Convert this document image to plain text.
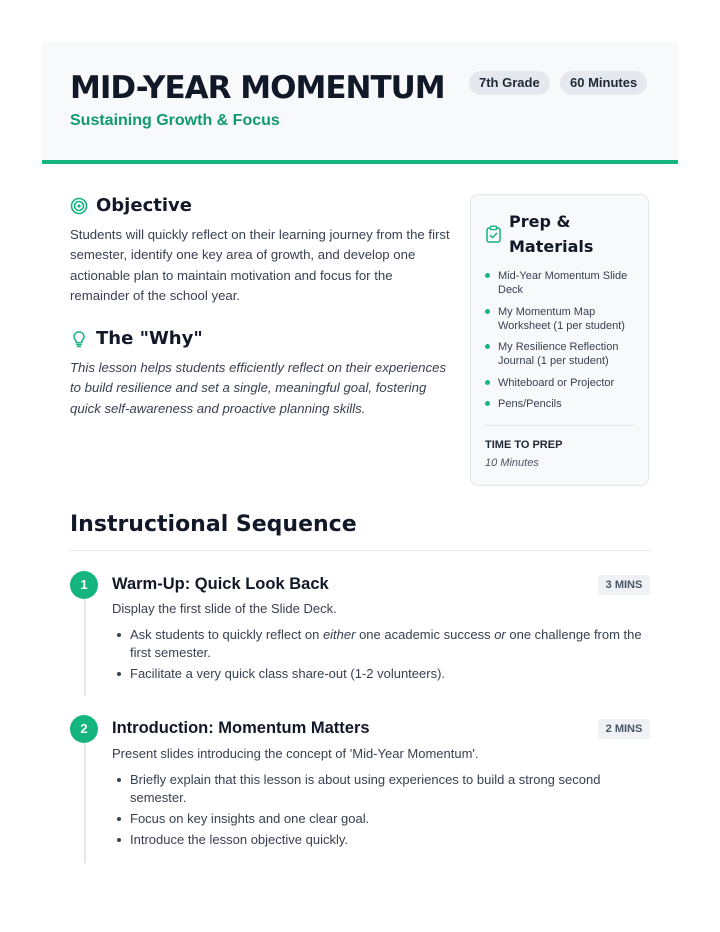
MID-YEAR MOMENTUM
Sustaining Growth & Focus
7th Grade	60 Minutes
Objective
Students will quickly reflect on their learning journey from the first semester, identify one key area of growth, and develop one actionable plan to maintain motivation and focus for the remainder of the school year.
The "Why"
This lesson helps students efficiently reflect on their experiences to build resilience and set a single, meaningful goal, fostering quick self-awareness and proactive planning skills.
Prep & Materials
Mid-Year Momentum Slide Deck
My Momentum Map Worksheet (1 per student)
My Resilience Reflection Journal (1 per student)
Whiteboard or Projector
Pens/Pencils
TIME TO PREP
10 Minutes
Instructional Sequence
1	Warm-Up: Quick Look Back	3 MINS
Display the first slide of the Slide Deck.
Ask students to quickly reflect on either one academic success or one challenge from the first semester.
Facilitate a very quick class share-out (1-2 volunteers).
2	Introduction: Momentum Matters	2 MINS
Present slides introducing the concept of 'Mid-Year Momentum'.
Briefly explain that this lesson is about using experiences to build a strong second semester.
Focus on key insights and one clear goal.
Introduce the lesson objective quickly.
